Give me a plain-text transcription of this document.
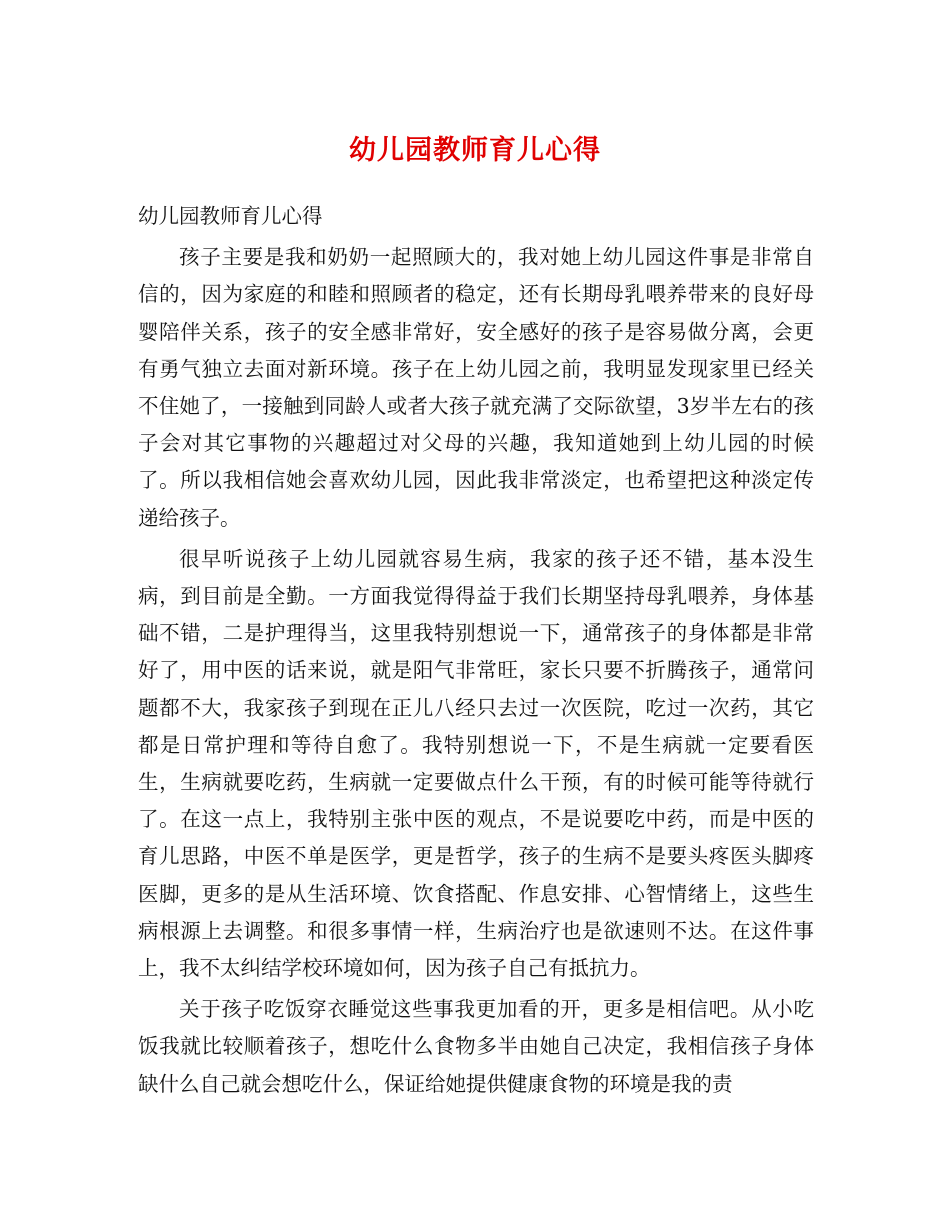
幼儿园教师育儿心得

幼儿园教师育儿心得

孩子主要是我和奶奶一起照顾大的，我对她上幼儿园这件事是非常自信的，因为家庭的和睦和照顾者的稳定，还有长期母乳喂养带来的良好母婴陪伴关系，孩子的安全感非常好，安全感好的孩子是容易做分离，会更有勇气独立去面对新环境。孩子在上幼儿园之前，我明显发现家里已经关不住她了，一接触到同龄人或者大孩子就充满了交际欲望，3岁半左右的孩子会对其它事物的兴趣超过对父母的兴趣，我知道她到上幼儿园的时候了。所以我相信她会喜欢幼儿园，因此我非常淡定，也希望把这种淡定传递给孩子。

很早听说孩子上幼儿园就容易生病，我家的孩子还不错，基本没生病，到目前是全勤。一方面我觉得得益于我们长期坚持母乳喂养，身体基础不错，二是护理得当，这里我特别想说一下，通常孩子的身体都是非常好了，用中医的话来说，就是阳气非常旺，家长只要不折腾孩子，通常问题都不大，我家孩子到现在正儿八经只去过一次医院，吃过一次药，其它都是日常护理和等待自愈了。我特别想说一下，不是生病就一定要看医生，生病就要吃药，生病就一定要做点什么干预，有的时候可能等待就行了。在这一点上，我特别主张中医的观点，不是说要吃中药，而是中医的育儿思路，中医不单是医学，更是哲学，孩子的生病不是要头疼医头脚疼医脚，更多的是从生活环境、饮食搭配、作息安排、心智情绪上，这些生病根源上去调整。和很多事情一样，生病治疗也是欲速则不达。在这件事上，我不太纠结学校环境如何，因为孩子自己有抵抗力。

关于孩子吃饭穿衣睡觉这些事我更加看的开，更多是相信吧。从小吃饭我就比较顺着孩子，想吃什么食物多半由她自己决定，我相信孩子身体缺什么自己就会想吃什么，保证给她提供健康食物的环境是我的责
